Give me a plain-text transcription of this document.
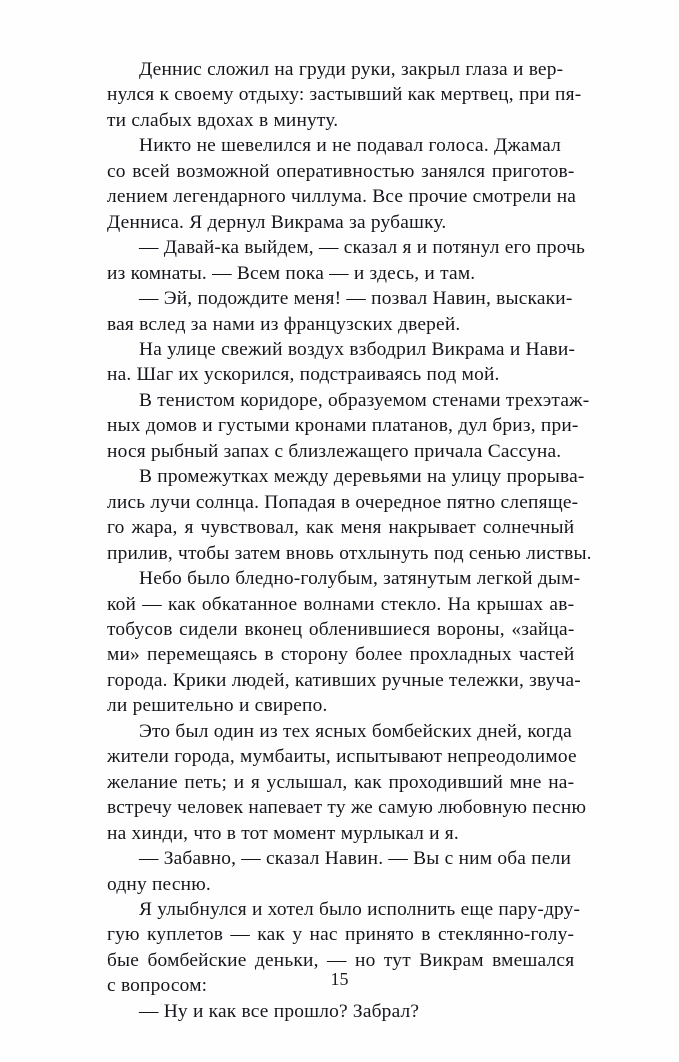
Деннис сложил на груди руки, закрыл глаза и вер-
нулся к своему отдыху: застывший как мертвец, при пя-
ти слабых вдохах в минуту.

Никто не шевелился и не подавал голоса. Джамал
со всей возможной оперативностью занялся приготов-
лением легендарного чиллума. Все прочие смотрели на
Денниса. Я дернул Викрама за рубашку.

— Давай-ка выйдем, — сказал я и потянул его прочь
из комнаты. — Всем пока — и здесь, и там.

— Эй, подождите меня! — позвал Навин, выскаки-
вая вслед за нами из французских дверей.

На улице свежий воздух взбодрил Викрама и Нави-
на. Шаг их ускорился, подстраиваясь под мой.

В тенистом коридоре, образуемом стенами трехэтаж-
ных домов и густыми кронами платанов, дул бриз, при-
нося рыбный запах с близлежащего причала Сассуна.

В промежутках между деревьями на улицу прорыва-
лись лучи солнца. Попадая в очередное пятно слепяще-
го жара, я чувствовал, как меня накрывает солнечный
прилив, чтобы затем вновь отхлынуть под сенью листвы.

Небо было бледно-голубым, затянутым легкой дым-
кой — как обкатанное волнами стекло. На крышах ав-
тобусов сидели вконец обленившиеся вороны, «зайца-
ми» перемещаясь в сторону более прохладных частей
города. Крики людей, кативших ручные тележки, звуча-
ли решительно и свирепо.

Это был один из тех ясных бомбейских дней, когда
жители города, мумбаиты, испытывают непреодолимое
желание петь; и я услышал, как проходивший мне на-
встречу человек напевает ту же самую любовную песню
на хинди, что в тот момент мурлыкал и я.

— Забавно, — сказал Навин. — Вы с ним оба пели
одну песню.

Я улыбнулся и хотел было исполнить еще пару-дру-
гую куплетов — как у нас принято в стеклянно-голу-
бые бомбейские деньки, — но тут Викрам вмешался
с вопросом:

— Ну и как все прошло? Забрал?

15
